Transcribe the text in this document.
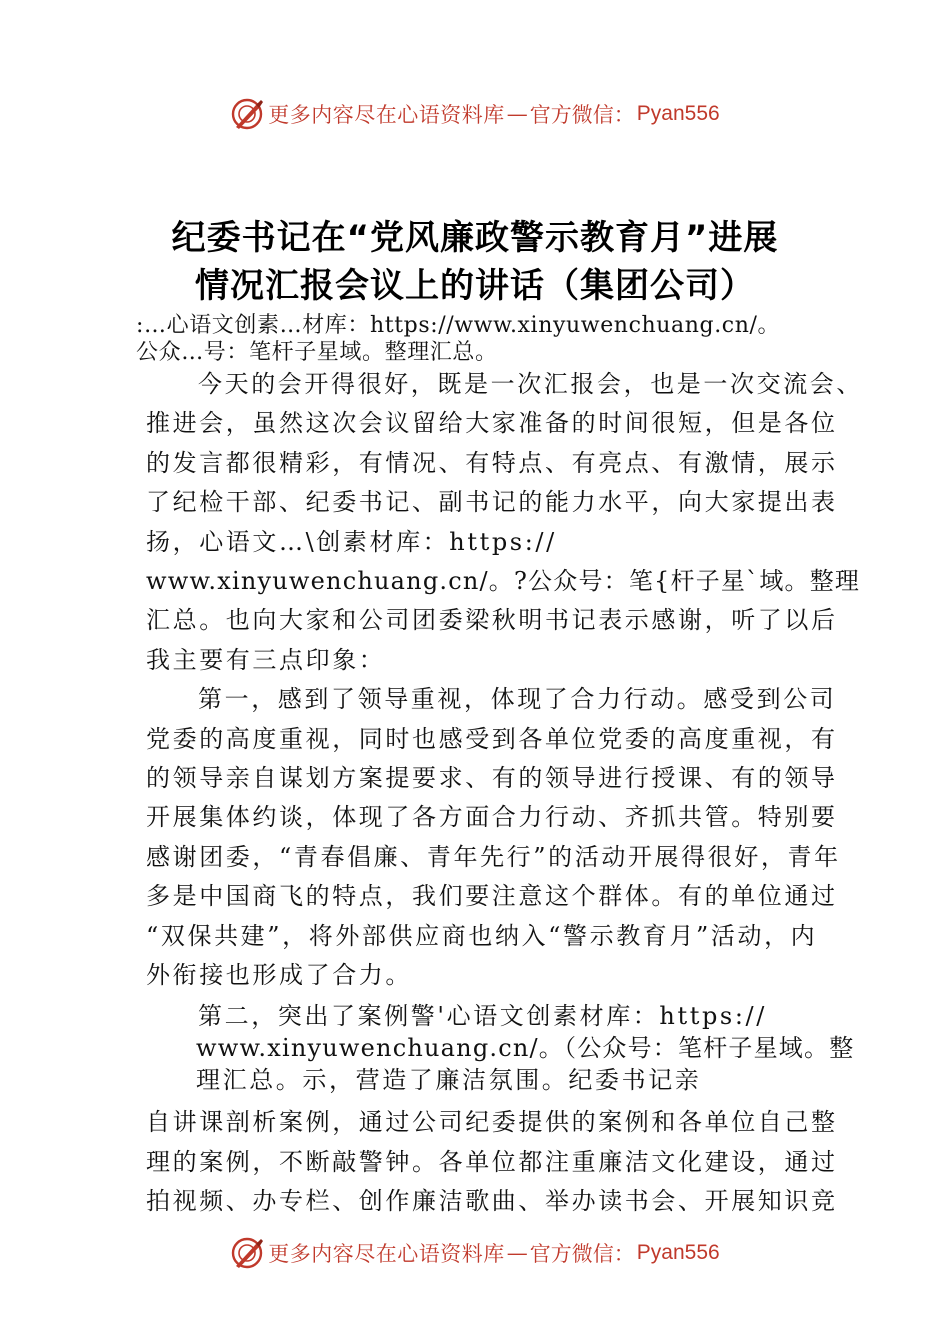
更多内容尽在心语资料库 — 官方微信： Pyan556
纪委书记在“党风廉政警示教育月”进展
情况汇报会议上的讲话（集团公司）
:…心语文创素…材库：https://www.xinyuwenchuang.cn/。
公众…号：笔杆子星域。整理汇总。
今天的会开得很好，既是一次汇报会，也是一次交流会、
推进会，虽然这次会议留给大家准备的时间很短，但是各位
的发言都很精彩，有情况、有特点、有亮点、有激情，展示
了纪检干部、纪委书记、副书记的能力水平，向大家提出表
扬，心语文…\创素材库：https://
www.xinyuwenchuang.cn/。?公众号：笔{杆子星`域。整理
汇总。也向大家和公司团委梁秋明书记表示感谢，听了以后
我主要有三点印象：
第一，感到了领导重视，体现了合力行动。感受到公司
党委的高度重视，同时也感受到各单位党委的高度重视，有
的领导亲自谋划方案提要求、有的领导进行授课、有的领导
开展集体约谈，体现了各方面合力行动、齐抓共管。特别要
感谢团委，“青春倡廉、青年先行”的活动开展得很好，青年
多是中国商飞的特点，我们要注意这个群体。有的单位通过
“双保共建”，将外部供应商也纳入“警示教育月”活动，内
外衔接也形成了合力。
第二，突出了案例警'心语文创素材库：https://
www.xinyuwenchuang.cn/。（公众号：笔杆子星域。整
理汇总。示，营造了廉洁氛围。纪委书记亲
自讲课剖析案例，通过公司纪委提供的案例和各单位自己整
理的案例，不断敲警钟。各单位都注重廉洁文化建设，通过
拍视频、办专栏、创作廉洁歌曲、举办读书会、开展知识竞
更多内容尽在心语资料库 — 官方微信： Pyan556
